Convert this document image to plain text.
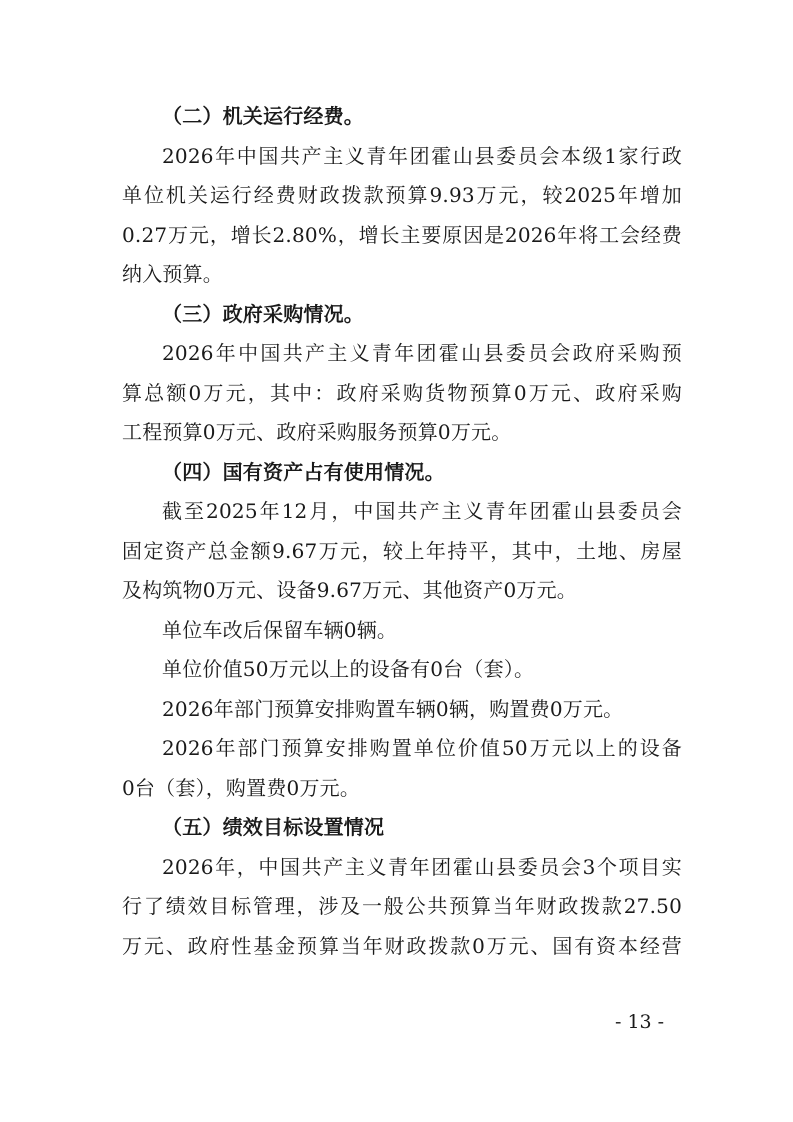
（二）机关运行经费。
2026年中国共产主义青年团霍山县委员会本级1家行政
单位机关运行经费财政拨款预算9.93万元，较2025年增加
0.27万元，增长2.80%，增长主要原因是2026年将工会经费
纳入预算。
（三）政府采购情况。
2026年中国共产主义青年团霍山县委员会政府采购预
算总额0万元，其中：政府采购货物预算0万元、政府采购
工程预算0万元、政府采购服务预算0万元。
（四）国有资产占有使用情况。
截至2025年12月，中国共产主义青年团霍山县委员会
固定资产总金额9.67万元，较上年持平，其中，土地、房屋
及构筑物0万元、设备9.67万元、其他资产0万元。
单位车改后保留车辆0辆。
单位价值50万元以上的设备有0台（套）。
2026年部门预算安排购置车辆0辆，购置费0万元。
2026年部门预算安排购置单位价值50万元以上的设备
0台（套），购置费0万元。
（五）绩效目标设置情况
2026年，中国共产主义青年团霍山县委员会3个项目实
行了绩效目标管理，涉及一般公共预算当年财政拨款27.50
万元、政府性基金预算当年财政拨款0万元、国有资本经营
- 13 -
